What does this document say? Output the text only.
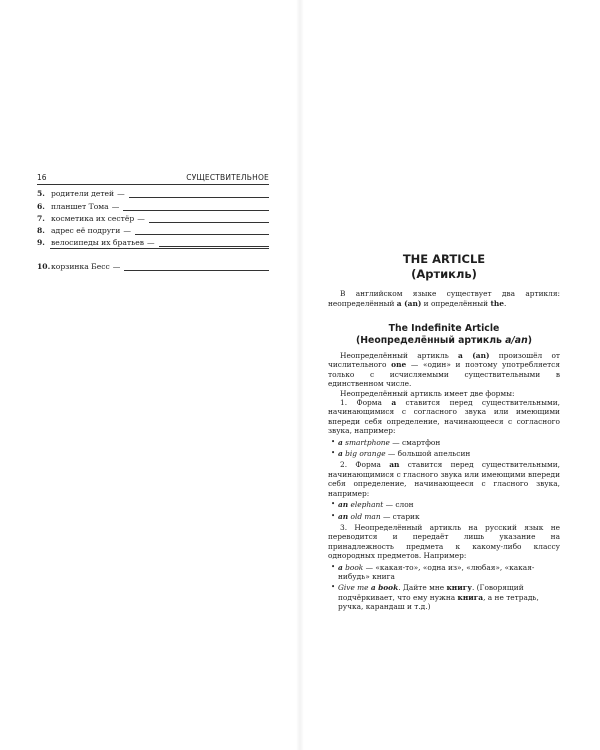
16	СУЩЕСТВИТЕЛЬНОЕ
5. родители детей —
6. планшет Тома —
7. косметика их сестёр —
8. адрес её подруги —
9. велосипеды их братьев —
10. корзинка Бесс —
THE ARTICLE
(Артикль)
В английском языке существует два артикля: неопределённый a (an) и определённый the.
The Indefinite Article
(Неопределённый артикль a/an)

Неопределённый артикль a (an) произошёл от числительного one — «один» и поэтому употребляется только с исчисляемыми существительными в единственном числе.

Неопределённый артикль имеет две формы:

1. Форма a ставится перед существительными, начинающимися с согласного звука или имеющими впереди себя определение, начинающееся с согласного звука, например:

• a smartphone — смартфон

• a big orange — большой апельсин

2. Форма an ставится перед существительными, начинающимися с гласного звука или имеющими впереди себя определение, начинающееся с гласного звука, например:

• an elephant — слон

• an old man — старик

3. Неопределённый артикль на русский язык не переводится и передаёт лишь указание на принадлежность предмета к какому-либо классу однородных предметов. Например:

• a book — «какая-то», «одна из», «любая», «какая-нибудь» книга

• Give me a book. Дайте мне книгу. (Говорящий подчёркивает, что ему нужна книга, а не тетрадь, ручка, карандаш и т.д.)
